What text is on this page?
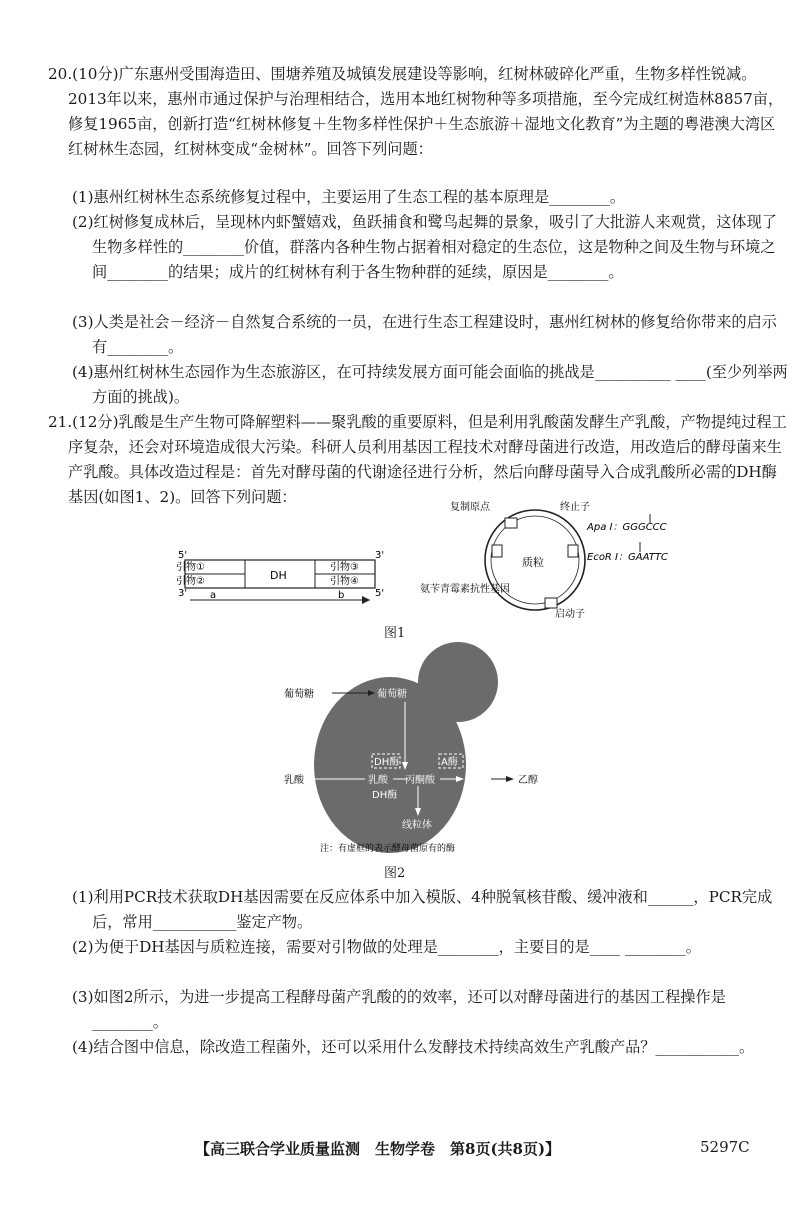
20.(10分)广东惠州受围海造田、围塘养殖及城镇发展建设等影响，红树林破碎化严重，生物多样性锐减。2013年以来，惠州市通过保护与治理相结合，选用本地红树物种等多项措施，至今完成红树造林8857亩，修复1965亩，创新打造“红树林修复＋生物多样性保护＋生态旅游＋湿地文化教育”为主题的粤港澳大湾区红树林生态园，红树林变成“金树林”。回答下列问题：
(1)惠州红树林生态系统修复过程中，主要运用了生态工程的基本原理是________。
(2)红树修复成林后，呈现林内虾蟹嬉戏，鱼跃捕食和鹭鸟起舞的景象，吸引了大批游人来观赏，这体现了生物多样性的________价值，群落内各种生物占据着相对稳定的生态位，这是物种之间及生物与环境之间________的结果；成片的红树林有利于各生物种群的延续，原因是________。
(3)人类是社会－经济－自然复合系统的一员，在进行生态工程建设时，惠州红树林的修复给你带来的启示有________。
(4)惠州红树林生态园作为生态旅游区，在可持续发展方面可能会面临的挑战是__________ ____(至少列举两方面的挑战)。
21.(12分)乳酸是生产生物可降解塑料——聚乳酸的重要原料，但是利用乳酸菌发酵生产乳酸，产物提纯过程工序复杂，还会对环境造成很大污染。科研人员利用基因工程技术对酵母菌进行改造，用改造后的酵母菌来生产乳酸。具体改造过程是：首先对酵母菌的代谢途径进行分析，然后向酵母菌导入合成乳酸所必需的DH酶基因(如图1、2)。回答下列问题：
5'	3'
3'	5'
DH
引物①
引物②
引物③
引物④
a	b
质粒
复制原点	终止子
Apa I：GGGCCC
EcoR I：GAATTC
氨苄青霉素抗性基因
启动子
图1
葡萄糖	葡萄糖
DH酶	A酶
乳酸	乳酸 丙酮酸	乙醇	乙醇
DH酶
线粒体
注：有虚框的表示酵母菌原有的酶
图2
(1)利用PCR技术获取DH基因需要在反应体系中加入模版、4种脱氧核苷酸、缓冲液和______，PCR完成后，常用___________鉴定产物。
(2)为便于DH基因与质粒连接，需要对引物做的处理是________，主要目的是____ ________。
(3)如图2所示，为进一步提高工程酵母菌产乳酸的的效率，还可以对酵母菌进行的基因工程操作是________。
(4)结合图中信息，除改造工程菌外，还可以采用什么发酵技术持续高效生产乳酸产品？___________。
【高三联合学业质量监测　生物学卷　第8页(共8页)】	5297C
